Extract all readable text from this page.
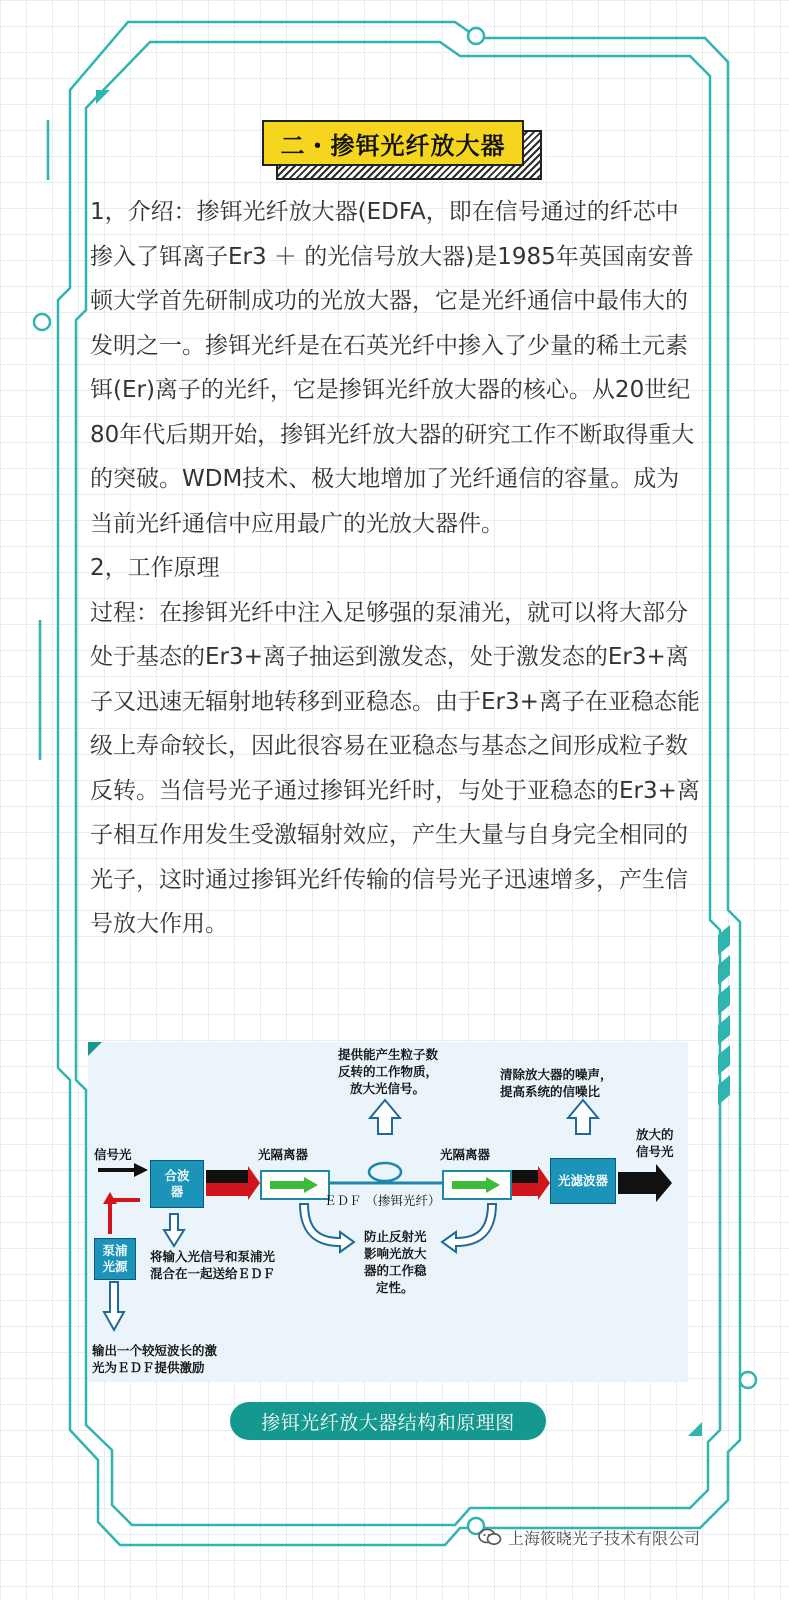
二・掺铒光纤放大器

1，介绍：掺铒光纤放大器(EDFA，即在信号通过的纤芯中掺入了铒离子Er3 ＋ 的光信号放大器)是1985年英国南安普顿大学首先研制成功的光放大器，它是光纤通信中最伟大的发明之一。掺铒光纤是在石英光纤中掺入了少量的稀土元素铒(Er)离子的光纤，它是掺铒光纤放大器的核心。从20世纪80年代后期开始，掺铒光纤放大器的研究工作不断取得重大的突破。WDM技术、极大地增加了光纤通信的容量。成为当前光纤通信中应用最广的光放大器件。

2，工作原理

过程：在掺铒光纤中注入足够强的泵浦光，就可以将大部分处于基态的Er3+离子抽运到激发态，处于激发态的Er3+离子又迅速无辐射地转移到亚稳态。由于Er3+离子在亚稳态能级上寿命较长，因此很容易在亚稳态与基态之间形成粒子数反转。当信号光子通过掺铒光纤时，与处于亚稳态的Er3+离子相互作用发生受激辐射效应，产生大量与自身完全相同的光子，这时通过掺铒光纤传输的信号光子迅速增多，产生信号放大作用。

信号光
合波
器
泵浦
光源
光隔离器
ＥＤＦ （掺铒光纤）
光隔离器
光滤波器
放大的
信号光
提供能产生粒子数
反转的工作物质，
放大光信号。
清除放大器的噪声，
提高系统的信噪比
将输入光信号和泵浦光
混合在一起送给ＥＤＦ
防止反射光
影响光放大
器的工作稳
定性。
输出一个较短波长的激
光为ＥＤＦ提供激励
掺铒光纤放大器结构和原理图
上海筱晓光子技术有限公司
